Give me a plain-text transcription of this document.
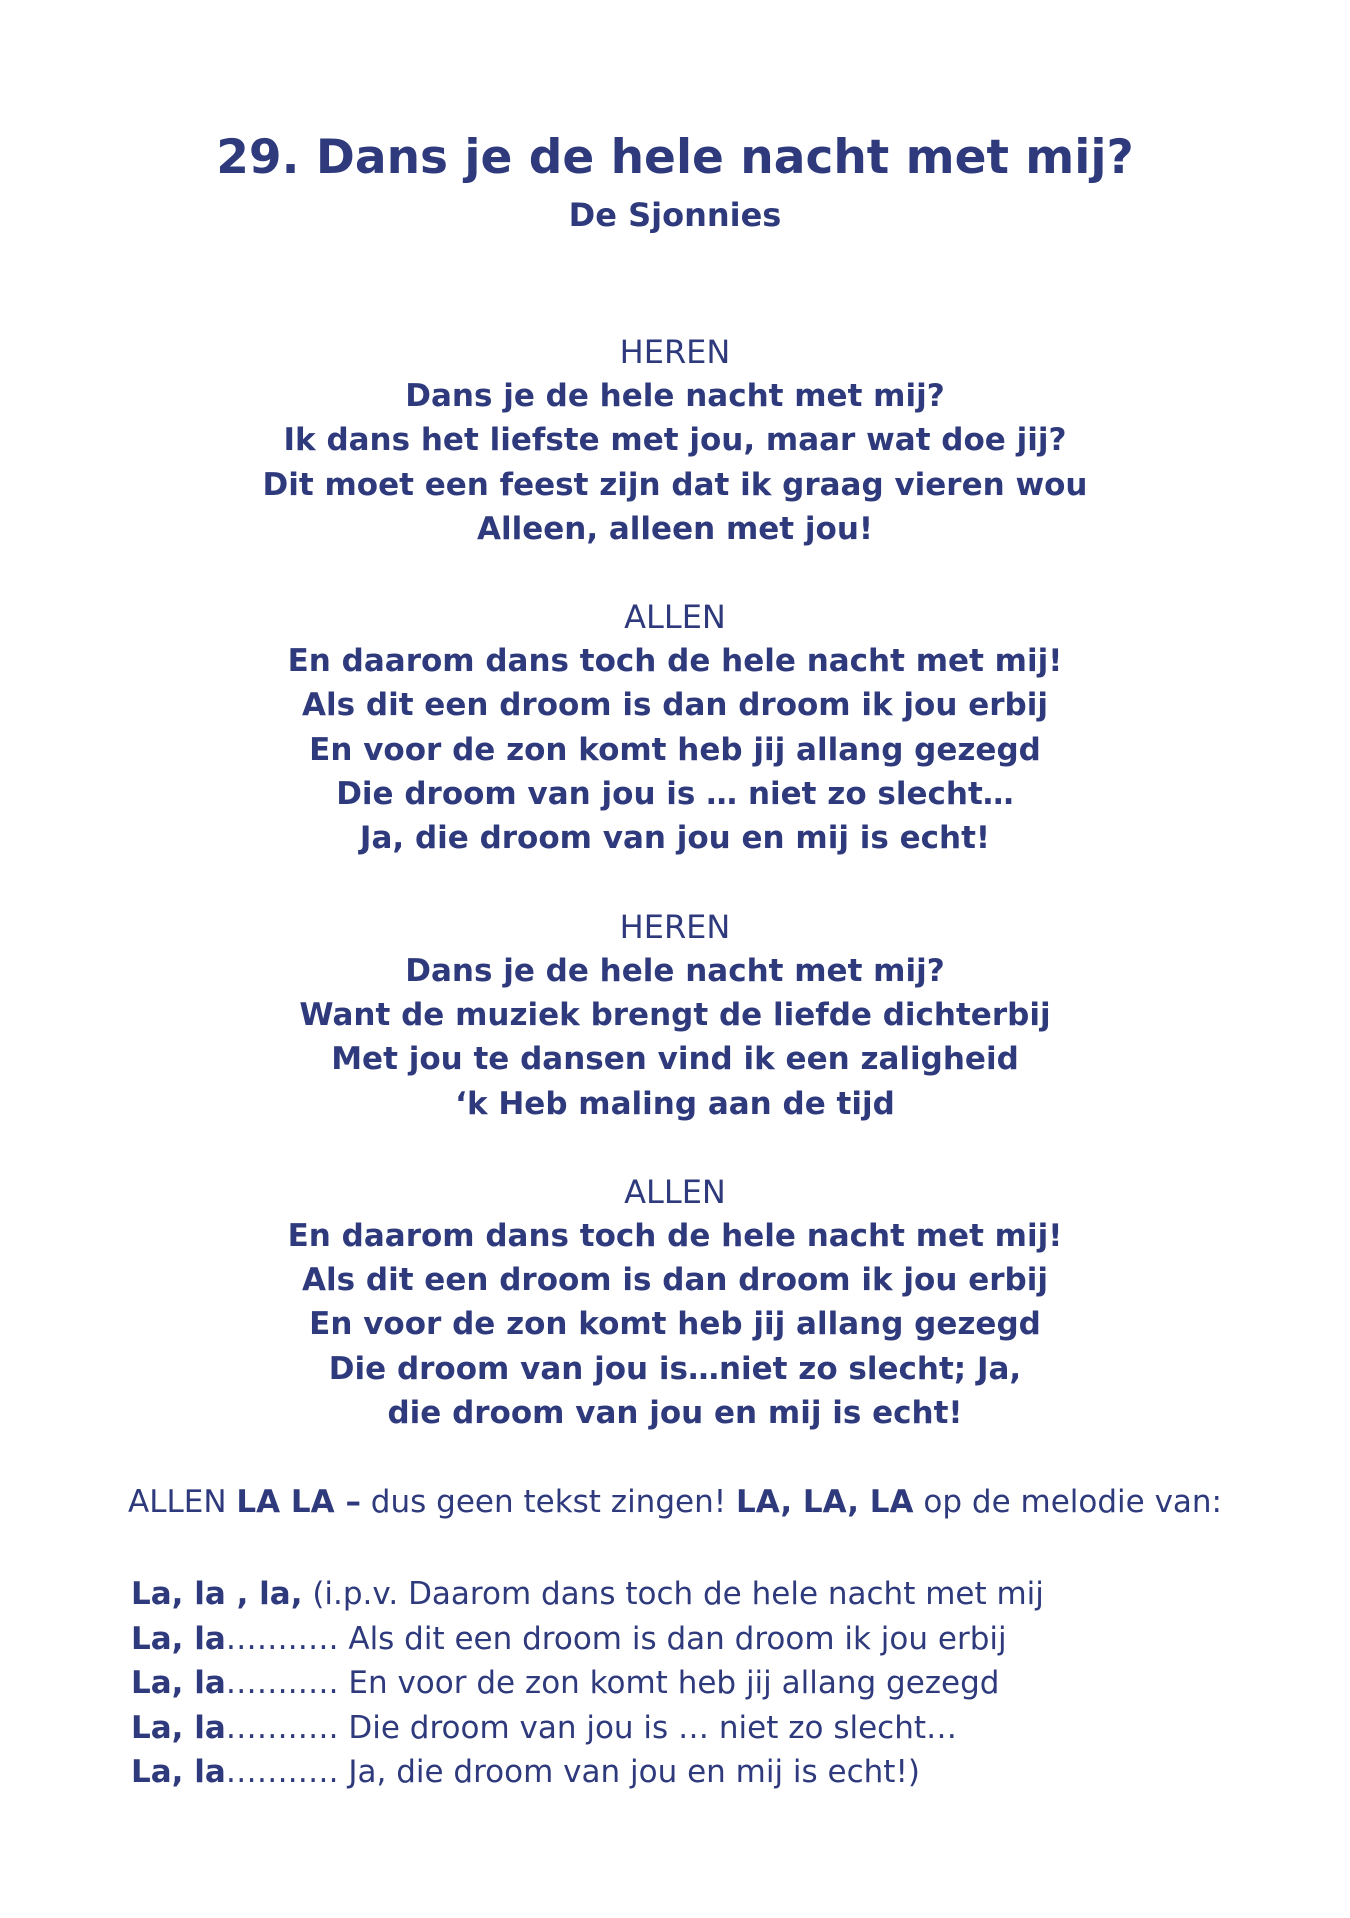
29. Dans je de hele nacht met mij?
De Sjonnies
HEREN
Dans je de hele nacht met mij?
Ik dans het liefste met jou, maar wat doe jij?
Dit moet een feest zijn dat ik graag vieren wou
Alleen, alleen met jou!
ALLEN
En daarom dans toch de hele nacht met mij!
Als dit een droom is dan droom ik jou erbij
En voor de zon komt heb jij allang gezegd
Die droom van jou is … niet zo slecht…
Ja, die droom van jou en mij is echt!
HEREN
Dans je de hele nacht met mij?
Want de muziek brengt de liefde dichterbij
Met jou te dansen vind ik een zaligheid
‘k Heb maling aan de tijd
ALLEN
En daarom dans toch de hele nacht met mij!
Als dit een droom is dan droom ik jou erbij
En voor de zon komt heb jij allang gezegd
Die droom van jou is…niet zo slecht; Ja,
die droom van jou en mij is echt!
ALLEN LA LA – dus geen tekst zingen! LA, LA, LA op de melodie van:
La, la , la, (i.p.v. Daarom dans toch de hele nacht met mij
La, la…….…. Als dit een droom is dan droom ik jou erbij
La, la…….…. En voor de zon komt heb jij allang gezegd
La, la…….…. Die droom van jou is … niet zo slecht…
La, la…….…. Ja, die droom van jou en mij is echt!)
